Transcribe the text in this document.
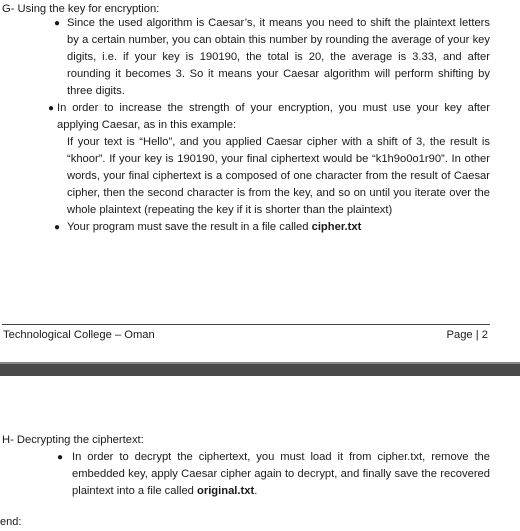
G- Using the key for encryption:
● Since the used algorithm is Caesar’s, it means you need to shift the plaintext letters by a certain number, you can obtain this number by rounding the average of your key digits, i.e. if your key is 190190, the total is 20, the average is 3.33, and after rounding it becomes 3. So it means your Caesar algorithm will perform shifting by three digits.
● In order to increase the strength of your encryption, you must use your key after applying Caesar, as in this example:
If your text is “Hello”, and you applied Caesar cipher with a shift of 3, the result is “khoor”. If your key is 190190, your final ciphertext would be “k1h9o0o1r90”. In other words, your final ciphertext is a composed of one character from the result of Caesar cipher, then the second character is from the key, and so on until you iterate over the whole plaintext (repeating the key if it is shorter than the plaintext)
● Your program must save the result in a file called cipher.txt
Technological College – Oman	Page | 2
H- Decrypting the ciphertext:
● In order to decrypt the ciphertext, you must load it from cipher.txt, remove the embedded key, apply Caesar cipher again to decrypt, and finally save the recovered plaintext into a file called original.txt.
end:
